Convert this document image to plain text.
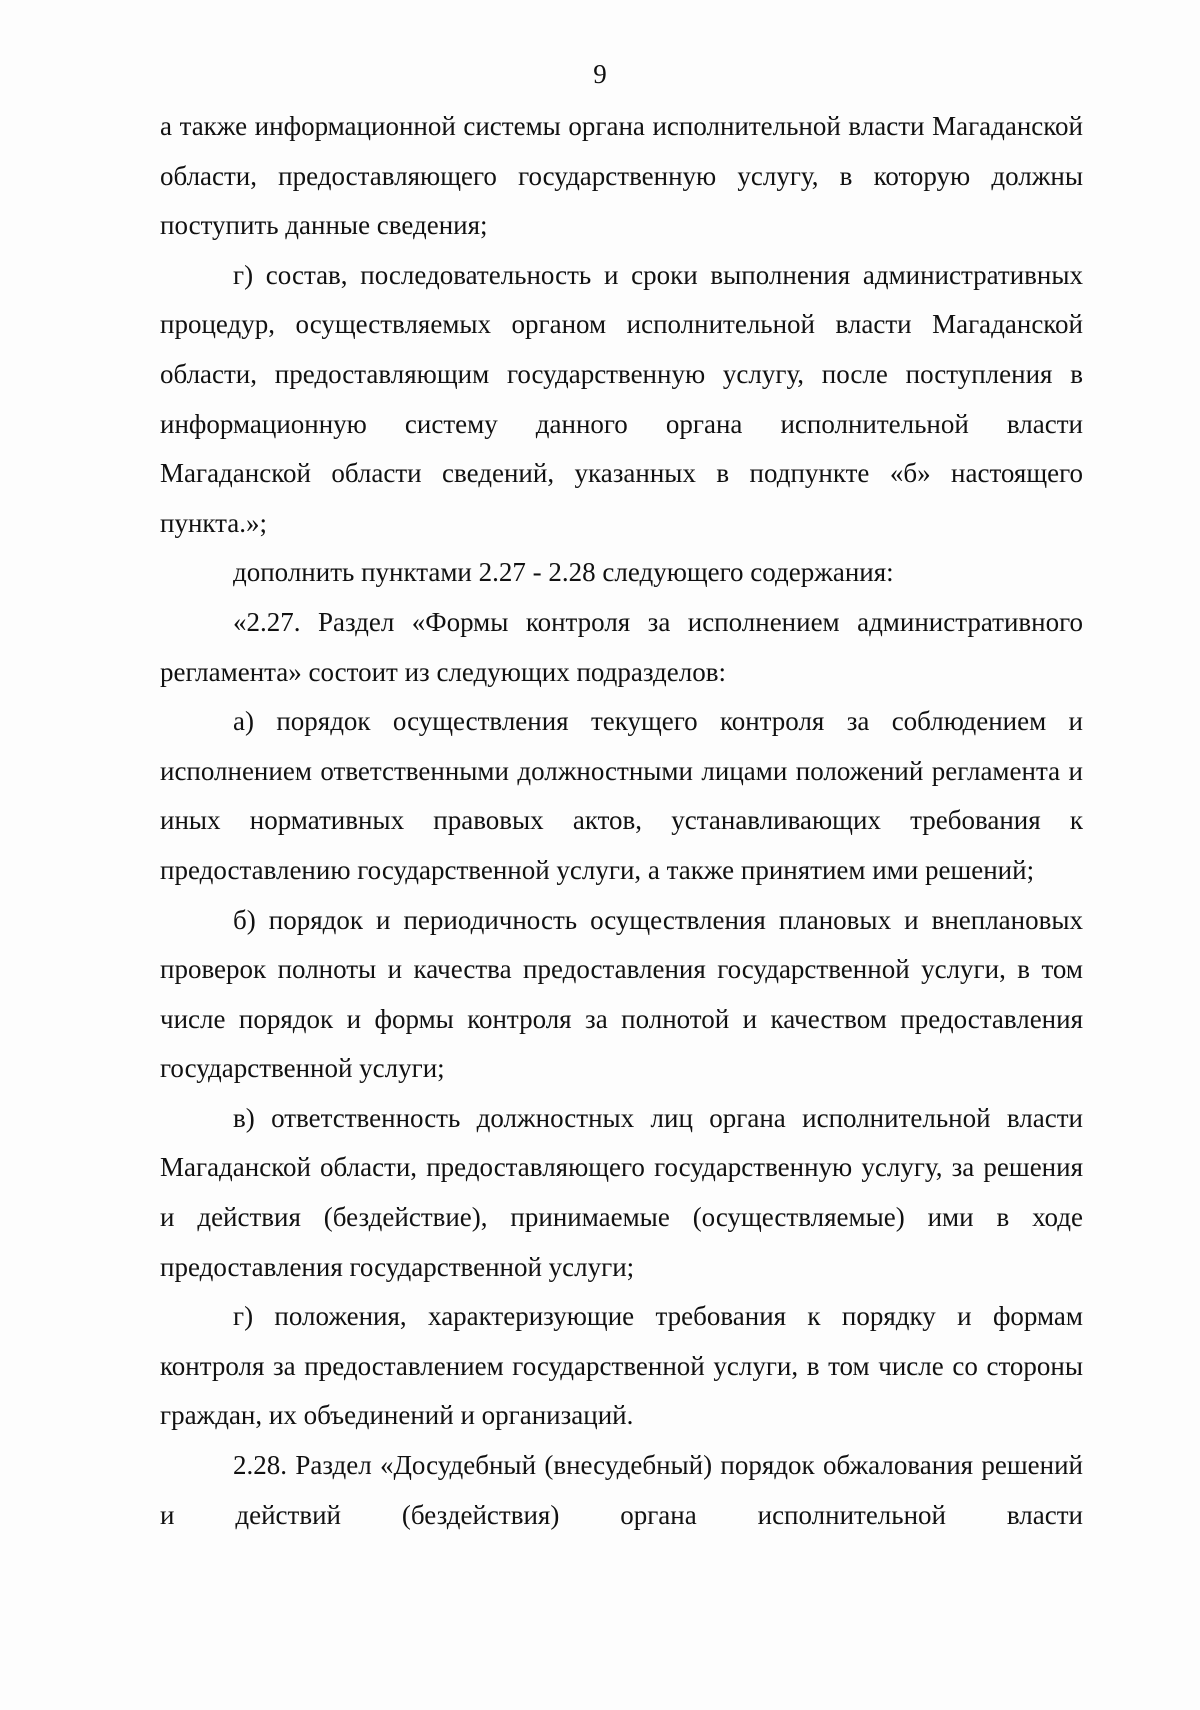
9

а также информационной системы органа исполнительной власти Магаданской области, предоставляющего государственную услугу, в которую должны поступить данные сведения;

г) состав, последовательность и сроки выполнения административных процедур, осуществляемых органом исполнительной власти Магаданской области, предоставляющим государственную услугу, после поступления в информационную систему данного органа исполнительной власти Магаданской области сведений, указанных в подпункте «б» настоящего пункта.»;

дополнить пунктами 2.27 - 2.28 следующего содержания:

«2.27. Раздел «Формы контроля за исполнением административного регламента» состоит из следующих подразделов:

а) порядок осуществления текущего контроля за соблюдением и исполнением ответственными должностными лицами положений регламента и иных нормативных правовых актов, устанавливающих требования к предоставлению государственной услуги, а также принятием ими решений;

б) порядок и периодичность осуществления плановых и внеплановых проверок полноты и качества предоставления государственной услуги, в том числе порядок и формы контроля за полнотой и качеством предоставления государственной услуги;

в) ответственность должностных лиц органа исполнительной власти Магаданской области, предоставляющего государственную услугу, за решения и действия (бездействие), принимаемые (осуществляемые) ими в ходе предоставления государственной услуги;

г) положения, характеризующие требования к порядку и формам контроля за предоставлением государственной услуги, в том числе со стороны граждан, их объединений и организаций.

2.28. Раздел «Досудебный (внесудебный) порядок обжалования решений и действий (бездействия) органа исполнительной власти
